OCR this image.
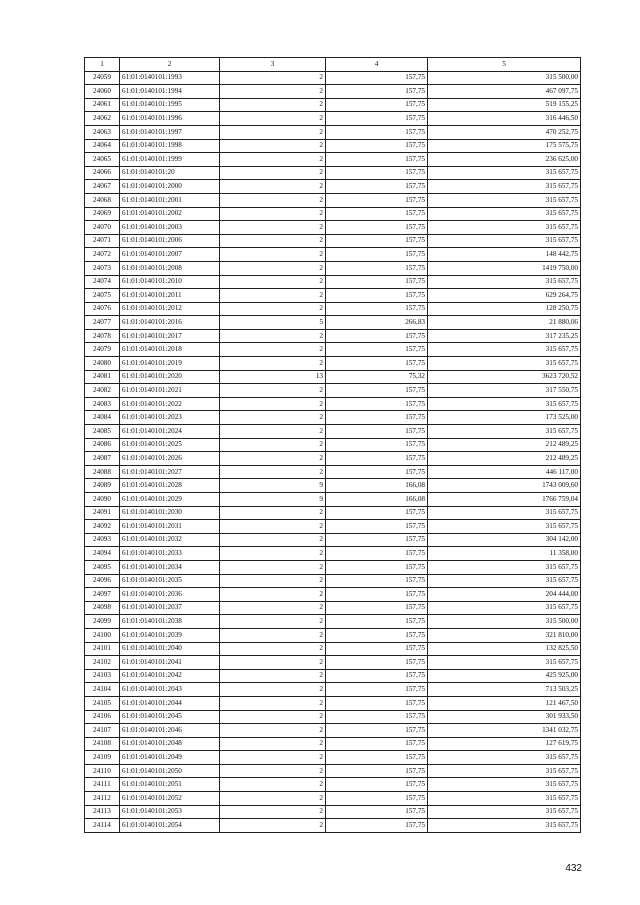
1	2	3	4	5
24059	61:01:0140101:1993	2	157,75	315 500,00
24060	61:01:0140101:1994	2	157,75	467 097,75
24061	61:01:0140101:1995	2	157,75	519 155,25
24062	61:01:0140101:1996	2	157,75	316 446,50
24063	61:01:0140101:1997	2	157,75	470 252,75
24064	61:01:0140101:1998	2	157,75	175 575,75
24065	61:01:0140101:1999	2	157,75	236 625,00
24066	61:01:0140101:20	2	157,75	315 657,75
24067	61:01:0140101:2000	2	157,75	315 657,75
24068	61:01:0140101:2001	2	157,75	315 657,75
24069	61:01:0140101:2002	2	157,75	315 657,75
24070	61:01:0140101:2003	2	157,75	315 657,75
24071	61:01:0140101:2006	2	157,75	315 657,75
24072	61:01:0140101:2007	2	157,75	148 442,75
24073	61:01:0140101:2008	2	157,75	1419 750,00
24074	61:01:0140101:2010	2	157,75	315 657,75
24075	61:01:0140101:2011	2	157,75	629 264,75
24076	61:01:0140101:2012	2	157,75	128 250,75
24077	61:01:0140101:2016	5	266,83	21 880,06
24078	61:01:0140101:2017	2	157,75	317 235,25
24079	61:01:0140101:2018	2	157,75	315 657,75
24080	61:01:0140101:2019	2	157,75	315 657,75
24081	61:01:0140101:2020	13	75,32	3623 720,52
24082	61:01:0140101:2021	2	157,75	317 550,75
24083	61:01:0140101:2022	2	157,75	315 657,75
24084	61:01:0140101:2023	2	157,75	173 525,00
24085	61:01:0140101:2024	2	157,75	315 657,75
24086	61:01:0140101:2025	2	157,75	212 489,25
24087	61:01:0140101:2026	2	157,75	212 489,25
24088	61:01:0140101:2027	2	157,75	446 117,00
24089	61:01:0140101:2028	9	166,08	1743 009,60
24090	61:01:0140101:2029	9	166,08	1766 759,04
24091	61:01:0140101:2030	2	157,75	315 657,75
24092	61:01:0140101:2031	2	157,75	315 657,75
24093	61:01:0140101:2032	2	157,75	304 142,00
24094	61:01:0140101:2033	2	157,75	11 358,00
24095	61:01:0140101:2034	2	157,75	315 657,75
24096	61:01:0140101:2035	2	157,75	315 657,75
24097	61:01:0140101:2036	2	157,75	204 444,00
24098	61:01:0140101:2037	2	157,75	315 657,75
24099	61:01:0140101:2038	2	157,75	315 500,00
24100	61:01:0140101:2039	2	157,75	321 810,00
24101	61:01:0140101:2040	2	157,75	132 825,50
24102	61:01:0140101:2041	2	157,75	315 657,75
24103	61:01:0140101:2042	2	157,75	425 925,00
24104	61:01:0140101:2043	2	157,75	713 503,25
24105	61:01:0140101:2044	2	157,75	121 467,50
24106	61:01:0140101:2045	2	157,75	301 933,50
24107	61:01:0140101:2046	2	157,75	1341 032,75
24108	61:01:0140101:2048	2	157,75	127 619,75
24109	61:01:0140101:2049	2	157,75	315 657,75
24110	61:01:0140101:2050	2	157,75	315 657,75
24111	61:01:0140101:2051	2	157,75	315 657,75
24112	61:01:0140101:2052	2	157,75	315 657,75
24113	61:01:0140101:2053	2	157,75	315 657,75
24114	61:01:0140101:2054	2	157,75	315 657,75
432
